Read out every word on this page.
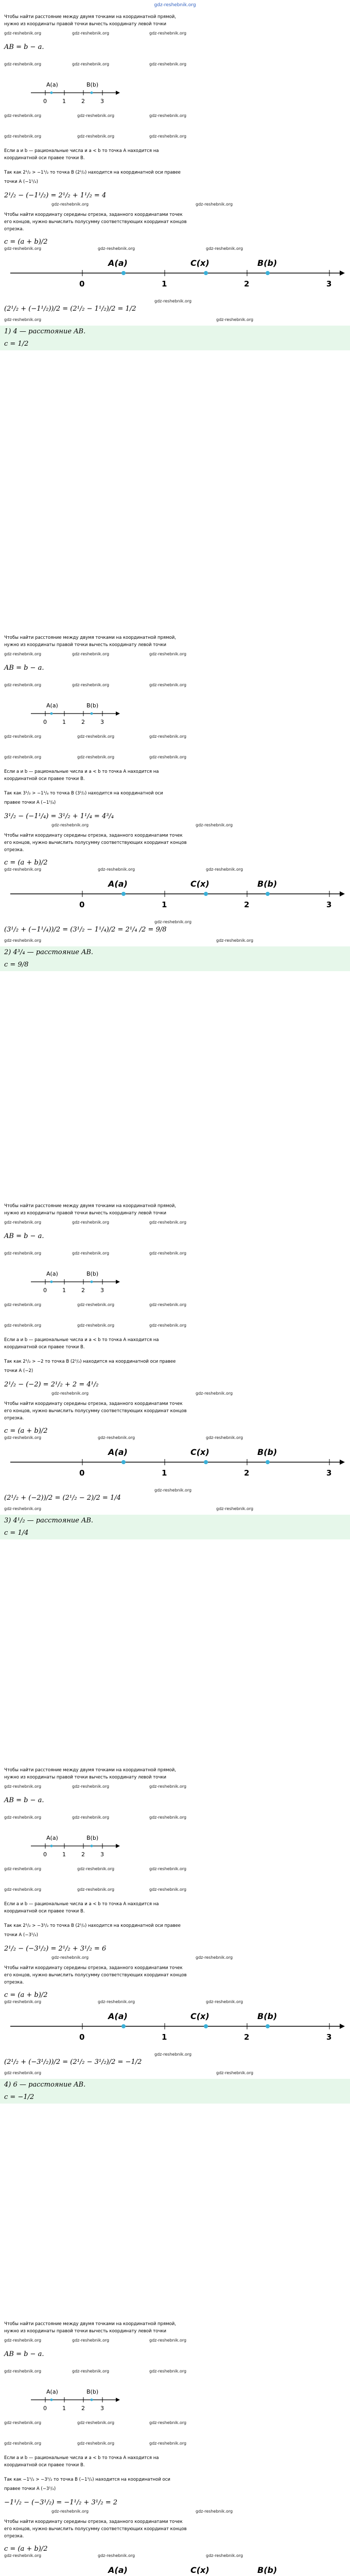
gdz-reshebnik.org
Чтобы найти расстояние между двумя точками на координатной прямой,
нужно из координаты правой точки вычесть координату левой точки
AB = b − a.
A(a)	B(b)
0	1	2	3
Если a и b — рациональные числа и a < b то точка A находится на
координатной оси правее точки B.
Так как 2¹/₂ > −1¹/₂ то точка B (2¹/₂) находится на координатной оси правее
точки A (−1¹/₂)
2¹/₂ − (−1¹/₂) = 2¹/₂ + 1¹/₂ = 4
Чтобы найти координату середины отрезка, заданного координатами точек
его концов, нужно вычислить полусумму соответствующих координат концов
отрезка.
c = (a + b)/2
A(a)	C(x)	B(b)
0	1	2	3
(2¹/₂ + (−1¹/₂))/2 = (2¹/₂ − 1¹/₂)/2 = 1/2
1) 4 — расстояние AB.
c = 1/2
gdz-reshebnik.org	gdz-reshebnik.org	gdz-reshebnik.org
gdz-reshebnik.org	gdz-reshebnik.org	gdz-reshebnik.org
gdz-reshebnik.org	gdz-reshebnik.org	gdz-reshebnik.org
gdz-reshebnik.org	gdz-reshebnik.org	gdz-reshebnik.org
gdz-reshebnik.org	gdz-reshebnik.org
gdz-reshebnik.org	gdz-reshebnik.org	gdz-reshebnik.org
gdz-reshebnik.org
gdz-reshebnik.org	gdz-reshebnik.org
Чтобы найти расстояние между двумя точками на координатной прямой,
нужно из координаты правой точки вычесть координату левой точки
AB = b − a.
A(a)	B(b)
0	1	2	3
Если a и b — рациональные числа и a < b то точка A находится на
координатной оси правее точки B.
Так как 3¹/₂ > −1¹/₄ то точка B (3¹/₂) находится на координатной оси
правее точки A (−1¹/₄)
3¹/₂ − (−1¹/₄) = 3¹/₂ + 1¹/₄ = 4³/₄
Чтобы найти координату середины отрезка, заданного координатами точек
его концов, нужно вычислить полусумму соответствующих координат концов
отрезка.
c = (a + b)/2
A(a)	C(x)	B(b)
0	1	2	3
(3¹/₂ + (−1¹/₄))/2 = (3¹/₂ − 1¹/₄)/2 = 2¹/₄ /2 = 9/8
2) 4³/₄ — расстояние AB.
c = 9/8
gdz-reshebnik.org	gdz-reshebnik.org	gdz-reshebnik.org
gdz-reshebnik.org	gdz-reshebnik.org	gdz-reshebnik.org
gdz-reshebnik.org	gdz-reshebnik.org	gdz-reshebnik.org
gdz-reshebnik.org	gdz-reshebnik.org	gdz-reshebnik.org
gdz-reshebnik.org	gdz-reshebnik.org
gdz-reshebnik.org	gdz-reshebnik.org	gdz-reshebnik.org
gdz-reshebnik.org
gdz-reshebnik.org	gdz-reshebnik.org
Чтобы найти расстояние между двумя точками на координатной прямой,
нужно из координаты правой точки вычесть координату левой точки
AB = b − a.
A(a)	B(b)
0	1	2	3
Если a и b — рациональные числа и a < b то точка A находится на
координатной оси правее точки B.
Так как 2¹/₂ > −2 то точка B (2¹/₂) находится на координатной оси правее
точки A (−2)
2¹/₂ − (−2) = 2¹/₂ + 2 = 4¹/₂
Чтобы найти координату середины отрезка, заданного координатами точек
его концов, нужно вычислить полусумму соответствующих координат концов
отрезка.
c = (a + b)/2
A(a)	C(x)	B(b)
0	1	2	3
(2¹/₂ + (−2))/2 = (2¹/₂ − 2)/2 = 1/4
3) 4¹/₂ — расстояние AB.
c = 1/4
gdz-reshebnik.org	gdz-reshebnik.org	gdz-reshebnik.org
gdz-reshebnik.org	gdz-reshebnik.org	gdz-reshebnik.org
gdz-reshebnik.org	gdz-reshebnik.org	gdz-reshebnik.org
gdz-reshebnik.org	gdz-reshebnik.org	gdz-reshebnik.org
gdz-reshebnik.org	gdz-reshebnik.org
gdz-reshebnik.org	gdz-reshebnik.org	gdz-reshebnik.org
gdz-reshebnik.org
gdz-reshebnik.org	gdz-reshebnik.org
Чтобы найти расстояние между двумя точками на координатной прямой,
нужно из координаты правой точки вычесть координату левой точки
AB = b − a.
A(a)	B(b)
0	1	2	3
Если a и b — рациональные числа и a < b то точка A находится на
координатной оси правее точки B.
Так как 2¹/₂ > −3¹/₂ то точка B (2¹/₂) находится на координатной оси правее
точки A (−3¹/₂)
2¹/₂ − (−3¹/₂) = 2¹/₂ + 3¹/₂ = 6
Чтобы найти координату середины отрезка, заданного координатами точек
его концов, нужно вычислить полусумму соответствующих координат концов
отрезка.
c = (a + b)/2
A(a)	C(x)	B(b)
0	1	2	3
(2¹/₂ + (−3¹/₂))/2 = (2¹/₂ − 3¹/₂)/2 = −1/2
4) 6 — расстояние AB.
c = −1/2
gdz-reshebnik.org	gdz-reshebnik.org	gdz-reshebnik.org
gdz-reshebnik.org	gdz-reshebnik.org	gdz-reshebnik.org
gdz-reshebnik.org	gdz-reshebnik.org	gdz-reshebnik.org
gdz-reshebnik.org	gdz-reshebnik.org	gdz-reshebnik.org
gdz-reshebnik.org	gdz-reshebnik.org
gdz-reshebnik.org	gdz-reshebnik.org	gdz-reshebnik.org
gdz-reshebnik.org
gdz-reshebnik.org	gdz-reshebnik.org
Чтобы найти расстояние между двумя точками на координатной прямой,
нужно из координаты правой точки вычесть координату левой точки
AB = b − a.
A(a)	B(b)
0	1	2	3
Если a и b — рациональные числа и a < b то точка A находится на
координатной оси правее точки B.
Так как −1¹/₂ > −3¹/₂ то точка B (−1¹/₂) находится на координатной оси
правее точки A (−3¹/₂)
−1¹/₂ − (−3¹/₂) = −1¹/₂ + 3¹/₂ = 2
Чтобы найти координату середины отрезка, заданного координатами точек
его концов, нужно вычислить полусумму соответствующих координат концов
отрезка.
c = (a + b)/2
A(a)	C(x)	B(b)
gdz-reshebnik.org	gdz-reshebnik.org	gdz-reshebnik.org
gdz-reshebnik.org	gdz-reshebnik.org	gdz-reshebnik.org
gdz-reshebnik.org	gdz-reshebnik.org	gdz-reshebnik.org
gdz-reshebnik.org	gdz-reshebnik.org	gdz-reshebnik.org
gdz-reshebnik.org	gdz-reshebnik.org
gdz-reshebnik.org	gdz-reshebnik.org	gdz-reshebnik.org
